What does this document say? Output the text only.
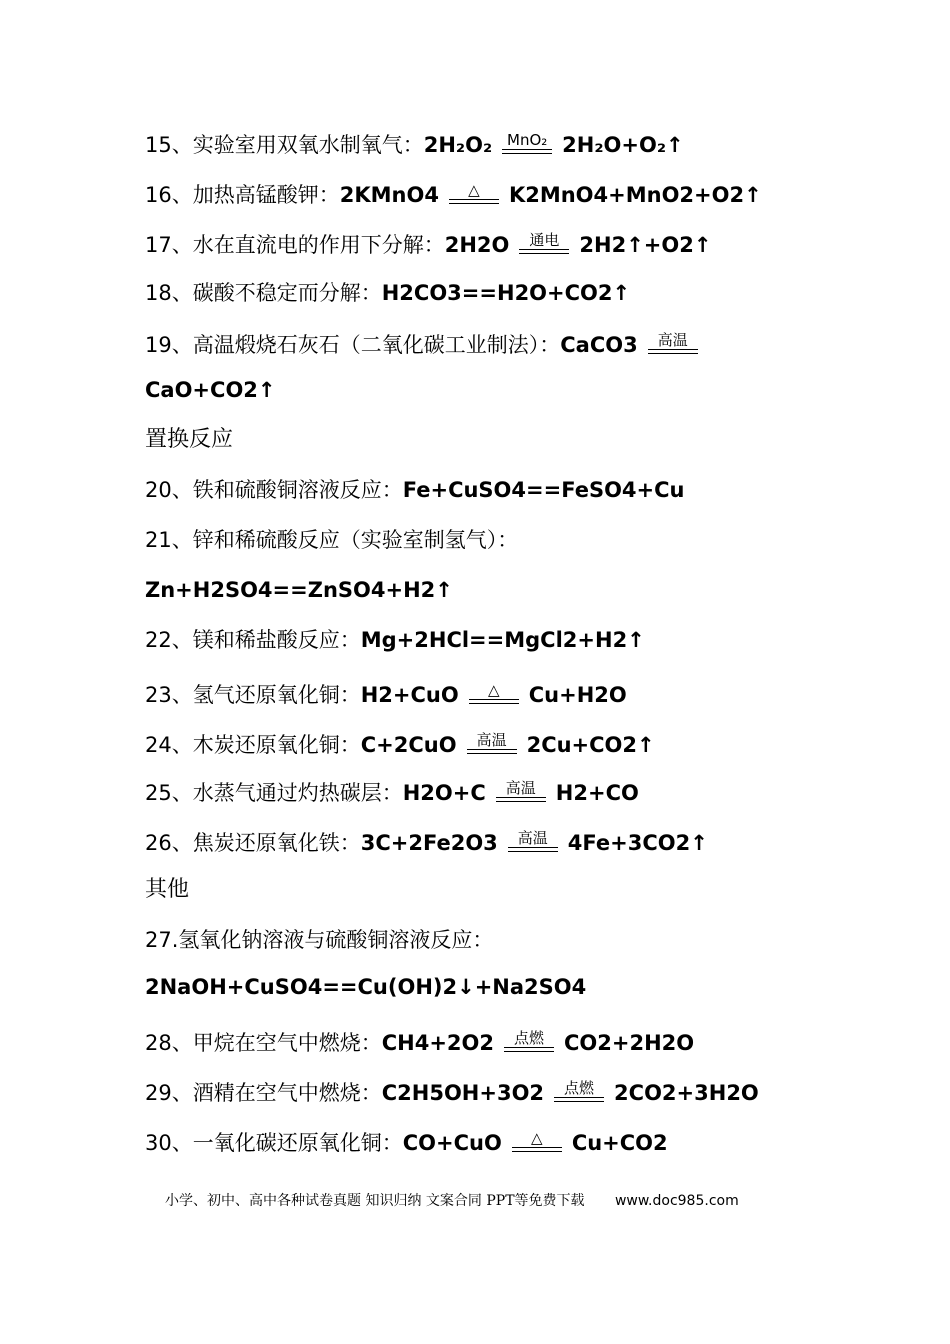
15、实验室用双氧水制氧气： 2H₂O₂ MnO₂ 2H₂O+O₂↑
16、加热高锰酸钾： 2KMnO4 △ K2MnO4+MnO2+O2↑
17、水在直流电的作用下分解： 2H2O 通电 2H2↑+O2↑
18、碳酸不稳定而分解： H2CO3==H2O+CO2↑
19、高温煅烧石灰石（二氧化碳工业制法）： CaCO3 高温
CaO+CO2↑
置换反应
20、铁和硫酸铜溶液反应： Fe+CuSO4==FeSO4+Cu
21、锌和稀硫酸反应（实验室制氢气）：
Zn+H2SO4==ZnSO4+H2↑
22、镁和稀盐酸反应： Mg+2HCl==MgCl2+H2↑
23、氢气还原氧化铜： H2+CuO △ Cu+H2O
24、木炭还原氧化铜： C+2CuO 高温 2Cu+CO2↑
25、水蒸气通过灼热碳层： H2O+C 高温 H2+CO
26、焦炭还原氧化铁： 3C+2Fe2O3 高温 4Fe+3CO2↑
其他
27.氢氧化钠溶液与硫酸铜溶液反应：
2NaOH+CuSO4==Cu(OH)2↓+Na2SO4
28、甲烷在空气中燃烧： CH4+2O2 点燃 CO2+2H2O
29、酒精在空气中燃烧： C2H5OH+3O2 点燃 2CO2+3H2O
30、一氧化碳还原氧化铜： CO+CuO △ Cu+CO2
小学、初中、高中各种试卷真题 知识归纳 文案合同 PPT等免费下载 www.doc985.com
